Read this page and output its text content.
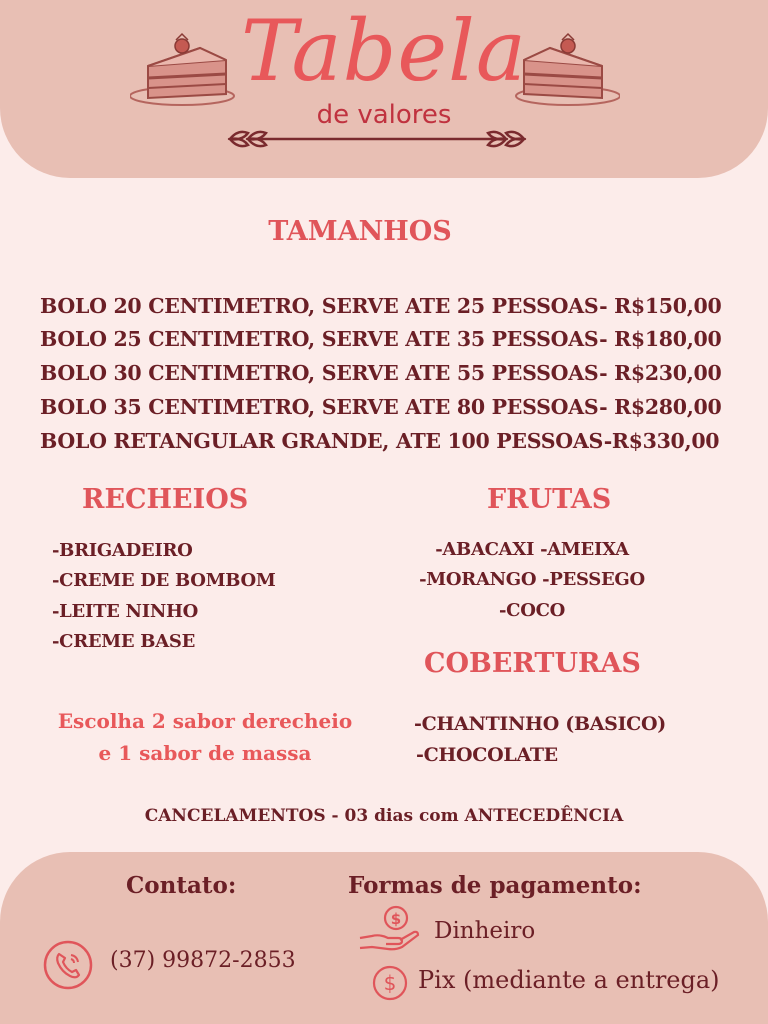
Tabela
de valores
TAMANHOS
BOLO 20 CENTIMETRO, SERVE ATE 25 PESSOAS- R$150,00
BOLO 25 CENTIMETRO, SERVE ATE 35 PESSOAS- R$180,00
BOLO 30 CENTIMETRO, SERVE ATE 55 PESSOAS- R$230,00
BOLO 35 CENTIMETRO, SERVE ATE 80 PESSOAS- R$280,00
BOLO RETANGULAR GRANDE, ATE 100 PESSOAS-R$330,00
RECHEIOS
-BRIGADEIRO
-CREME DE BOMBOM
-LEITE NINHO
-CREME BASE
FRUTAS
-ABACAXI -AMEIXA
-MORANGO -PESSEGO
-COCO
COBERTURAS
-CHANTINHO (BASICO)
-CHOCOLATE
Escolha 2 sabor derecheio
e 1 sabor de massa
CANCELAMENTOS - 03 dias com ANTECEDÊNCIA
Contato:
(37) 99872-2853
Formas de pagamento:
$ Dinheiro
$ Pix (mediante a entrega)
